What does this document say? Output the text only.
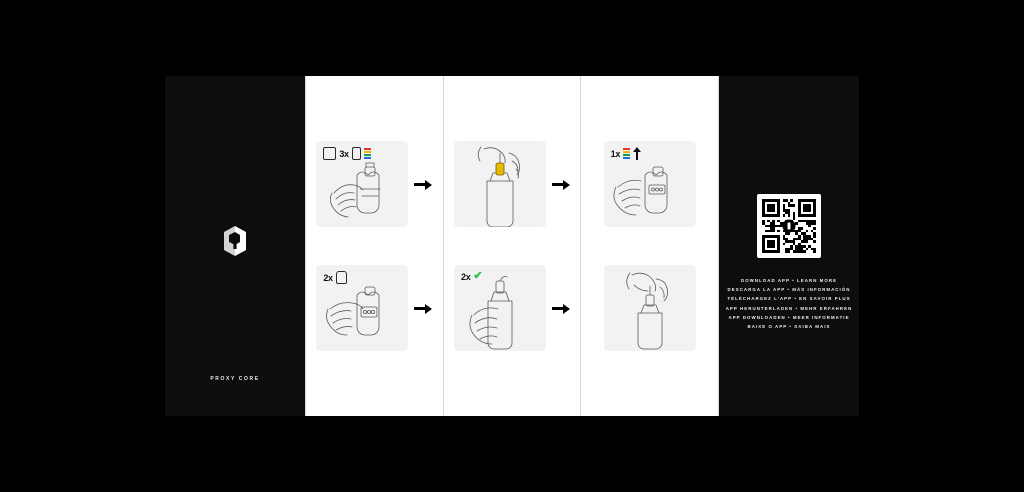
PROXY CORE
3x
2x	2x ✔
1x
DOWNLOAD APP • LEARN MORE
DESCARGA LA APP • MÁS INFORMACIÓN
TÉLÉCHARGEZ L'APP • EN SAVOIR PLUS
APP HERUNTERLADEN • MEHR ERFAHREN
APP DOWNLOADEN • MEER INFORMATIE
BAIXE O APP • SAIBA MAIS
